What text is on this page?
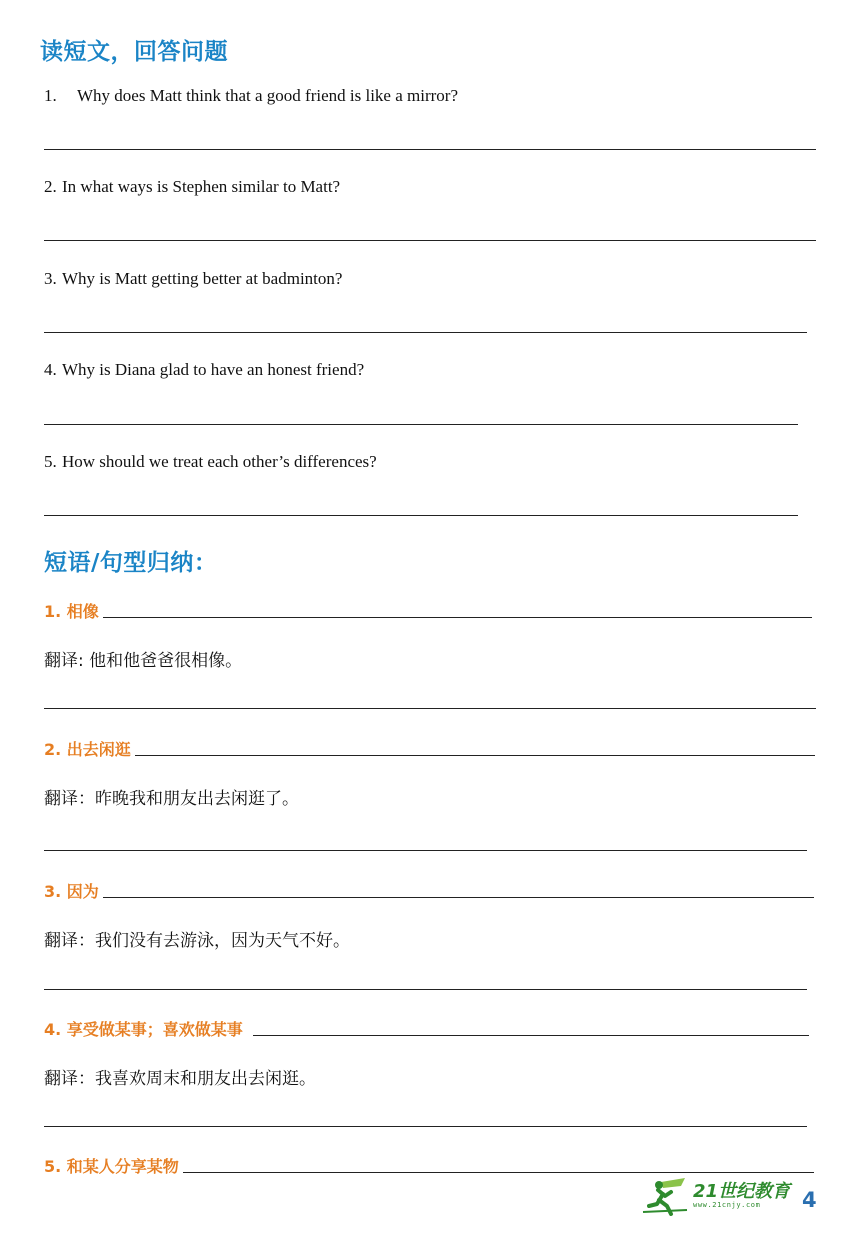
读短文，回答问题
1. Why does Matt think that a good friend is like a mirror?
2. In what ways is Stephen similar to Matt?
3. Why is Matt getting better at badminton?
4. Why is Diana glad to have an honest friend?
5. How should we treat each other’s differences?
短语/句型归纳：
1. 相像
翻译: 他和他爸爸很相像。
2. 出去闲逛
翻译：昨晚我和朋友出去闲逛了。
3. 因为
翻译：我们没有去游泳，因为天气不好。
4. 享受做某事；喜欢做某事
翻译：我喜欢周末和朋友出去闲逛。
5. 和某人分享某物
21世纪教育
www.21cnjy.com	4
